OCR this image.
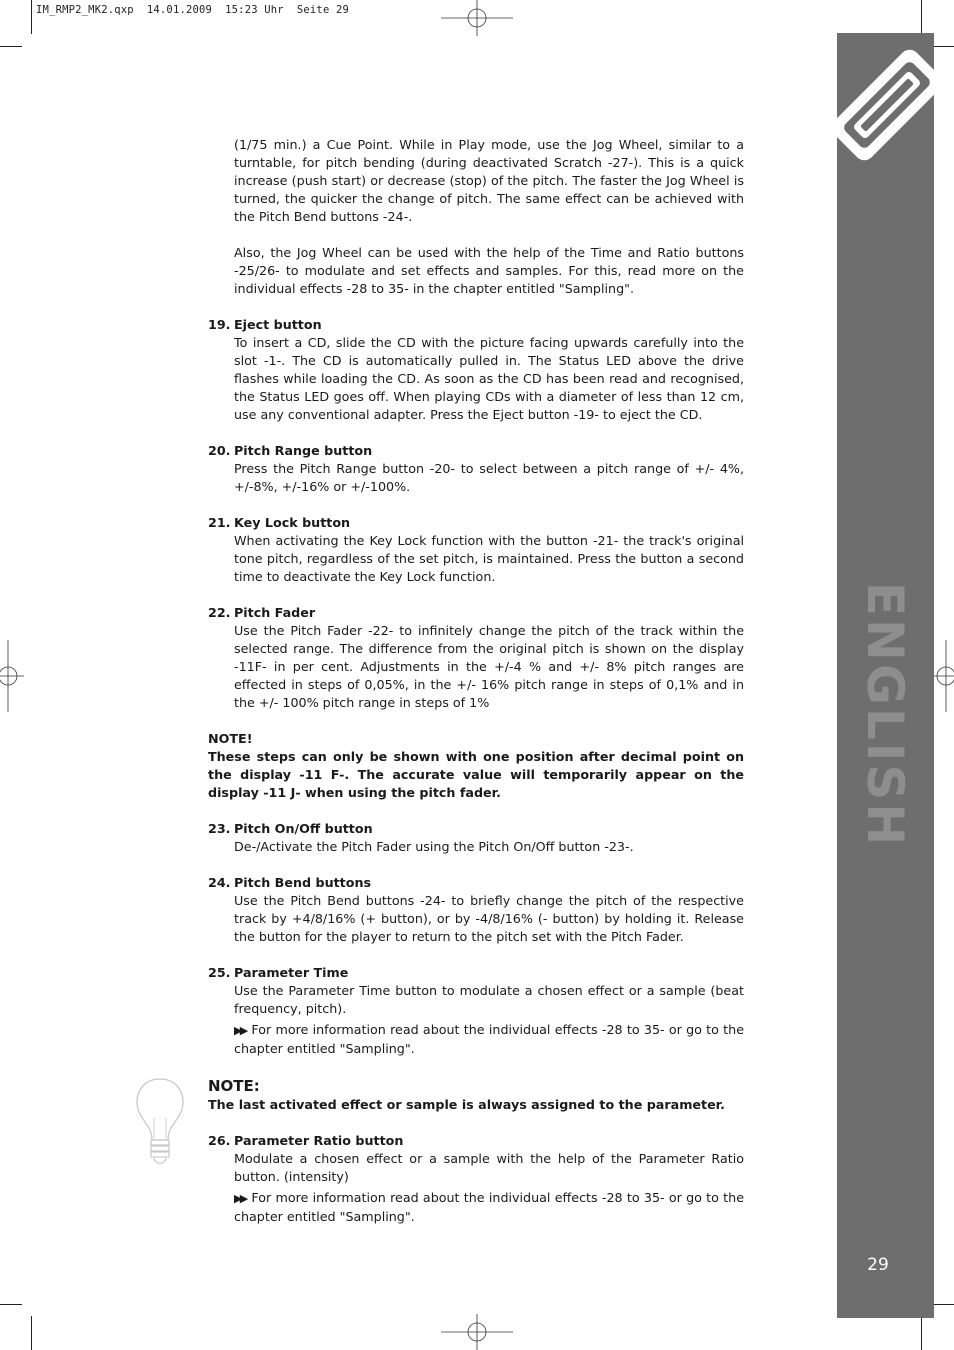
IM_RMP2_MK2.qxp  14.01.2009  15:23 Uhr  Seite 29
ENGLISH
29

(1/75 min.) a Cue Point. While in Play mode, use the Jog Wheel, similar to a turntable, for pitch bending (during deactivated Scratch -27-). This is a quick increase (push start) or decrease (stop) of the pitch. The faster the Jog Wheel is turned, the quicker the change of pitch. The same effect can be achieved with the Pitch Bend buttons -24-.

Also, the Jog Wheel can be used with the help of the Time and Ratio buttons -25/26- to modulate and set effects and samples. For this, read more on the individual effects -28 to 35- in the chapter entitled "Sampling".

19. Eject button
To insert a CD, slide the CD with the picture facing upwards carefully into the slot -1-. The CD is automatically pulled in. The Status LED above the drive flashes while loading the CD. As soon as the CD has been read and recognised, the Status LED goes off. When playing CDs with a diameter of less than 12 cm, use any conventional adapter. Press the Eject button -19- to eject the CD.
20. Pitch Range button
Press the Pitch Range button -20- to select between a pitch range of +/- 4%, +/-8%, +/-16% or +/-100%.
21. Key Lock button
When activating the Key Lock function with the button -21- the track's original tone pitch, regardless of the set pitch, is maintained. Press the button a second time to deactivate the Key Lock function.
22. Pitch Fader
Use the Pitch Fader -22- to infinitely change the pitch of the track within the selected range. The difference from the original pitch is shown on the display -11F- in per cent. Adjustments in the +/-4 % and +/- 8% pitch ranges are effected in steps of 0,05%, in the +/- 16% pitch range in steps of 0,1% and in the +/- 100% pitch range in steps of 1%
NOTE!
These steps can only be shown with one position after decimal point on the display -11 F-. The accurate value will temporarily appear on the display -11 J- when using the pitch fader.
23. Pitch On/Off button
De-/Activate the Pitch Fader using the Pitch On/Off button -23-.
24. Pitch Bend buttons
Use the Pitch Bend buttons -24- to briefly change the pitch of the respective track by +4/8/16% (+ button), or by -4/8/16% (- button) by holding it. Release the button for the player to return to the pitch set with the Pitch Fader.
25. Parameter Time
Use the Parameter Time button to modulate a chosen effect or a sample (beat frequency, pitch).
▶▶ For more information read about the individual effects -28 to 35- or go to the chapter entitled "Sampling".
NOTE:
The last activated effect or sample is always assigned to the parameter.
26. Parameter Ratio button
Modulate a chosen effect or a sample with the help of the Parameter Ratio button. (intensity)
▶▶ For more information read about the individual effects -28 to 35- or go to the chapter entitled "Sampling".
